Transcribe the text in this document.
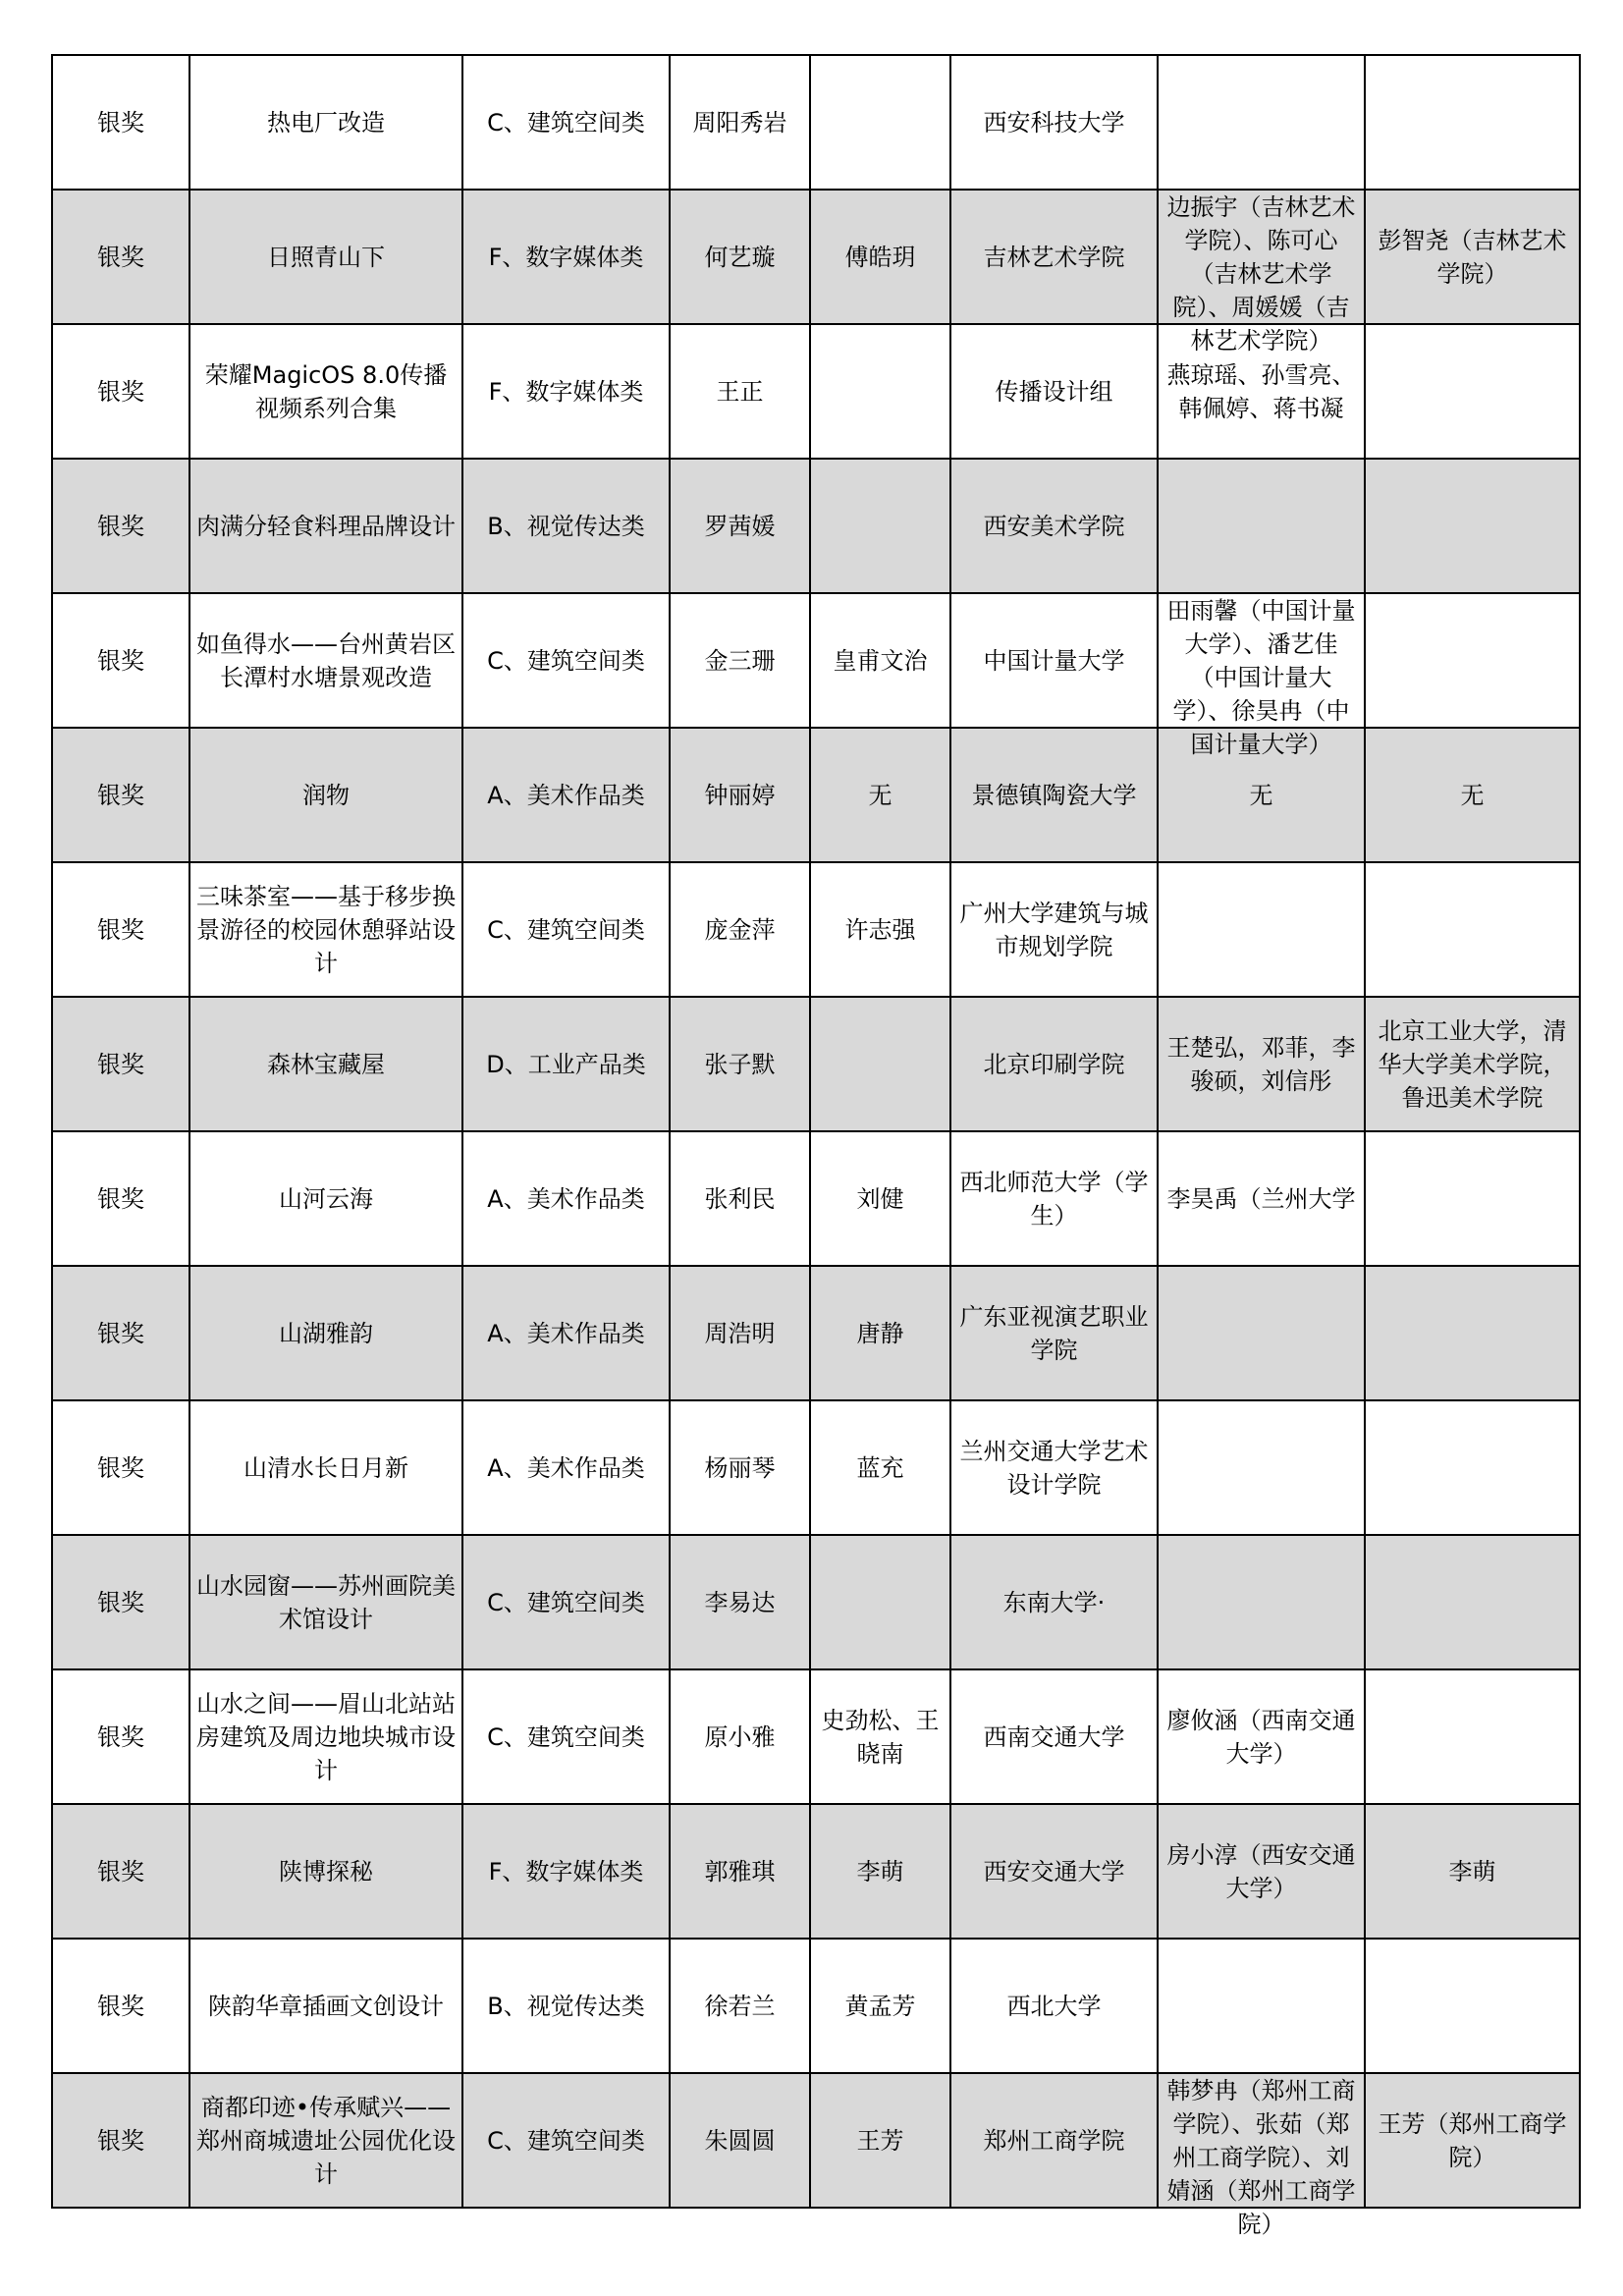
银奖	热电厂改造	C、建筑空间类	周阳秀岩		西安科技大学		

银奖	日照青山下	F、数字媒体类	何艺璇	傅皓玥	吉林艺术学院	边振宇（吉林艺术学院）、陈可心（吉林艺术学院）、周媛媛（吉林艺术学院）	彭智尧（吉林艺术学院）

银奖	荣耀MagicOS 8.0传播视频系列合集	F、数字媒体类	王正		传播设计组	燕琼瑶、孙雪亮、韩佩婷、蒋书凝	

银奖	肉满分轻食料理品牌设计	B、视觉传达类	罗茜媛		西安美术学院		

银奖	如鱼得水——台州黄岩区长潭村水塘景观改造	C、建筑空间类	金三珊	皇甫文治	中国计量大学	田雨馨（中国计量大学）、潘艺佳（中国计量大学）、徐昊冉（中国计量大学）	

银奖	润物	A、美术作品类	钟丽婷	无	景德镇陶瓷大学	无	无

银奖	三味茶室——基于移步换景游径的校园休憩驿站设计	C、建筑空间类	庞金萍	许志强	广州大学建筑与城市规划学院		

银奖	森林宝藏屋	D、工业产品类	张子默		北京印刷学院	王楚弘，邓菲，李骏硕，刘信彤	北京工业大学，清华大学美术学院，鲁迅美术学院

银奖	山河云海	A、美术作品类	张利民	刘健	西北师范大学（学生）	李昊禹（兰州大学	

银奖	山湖雅韵	A、美术作品类	周浩明	唐静	广东亚视演艺职业学院		

银奖	山清水长日月新	A、美术作品类	杨丽琴	蓝充	兰州交通大学艺术设计学院		

银奖	山水园窗——苏州画院美术馆设计	C、建筑空间类	李易达		东南大学·		

银奖	山水之间——眉山北站站房建筑及周边地块城市设计	C、建筑空间类	原小雅	史劲松、王晓南	西南交通大学	廖攸涵（西南交通大学）	

银奖	陕博探秘	F、数字媒体类	郭雅琪	李萌	西安交通大学	房小淳（西安交通大学）	李萌

银奖	陕韵华章插画文创设计	B、视觉传达类	徐若兰	黄孟芳	西北大学		

银奖	商都印迹•传承赋兴——郑州商城遗址公园优化设计	C、建筑空间类	朱圆圆	王芳	郑州工商学院	韩梦冉（郑州工商学院）、张茹（郑州工商学院）、刘婧涵（郑州工商学院）	王芳（郑州工商学院）
